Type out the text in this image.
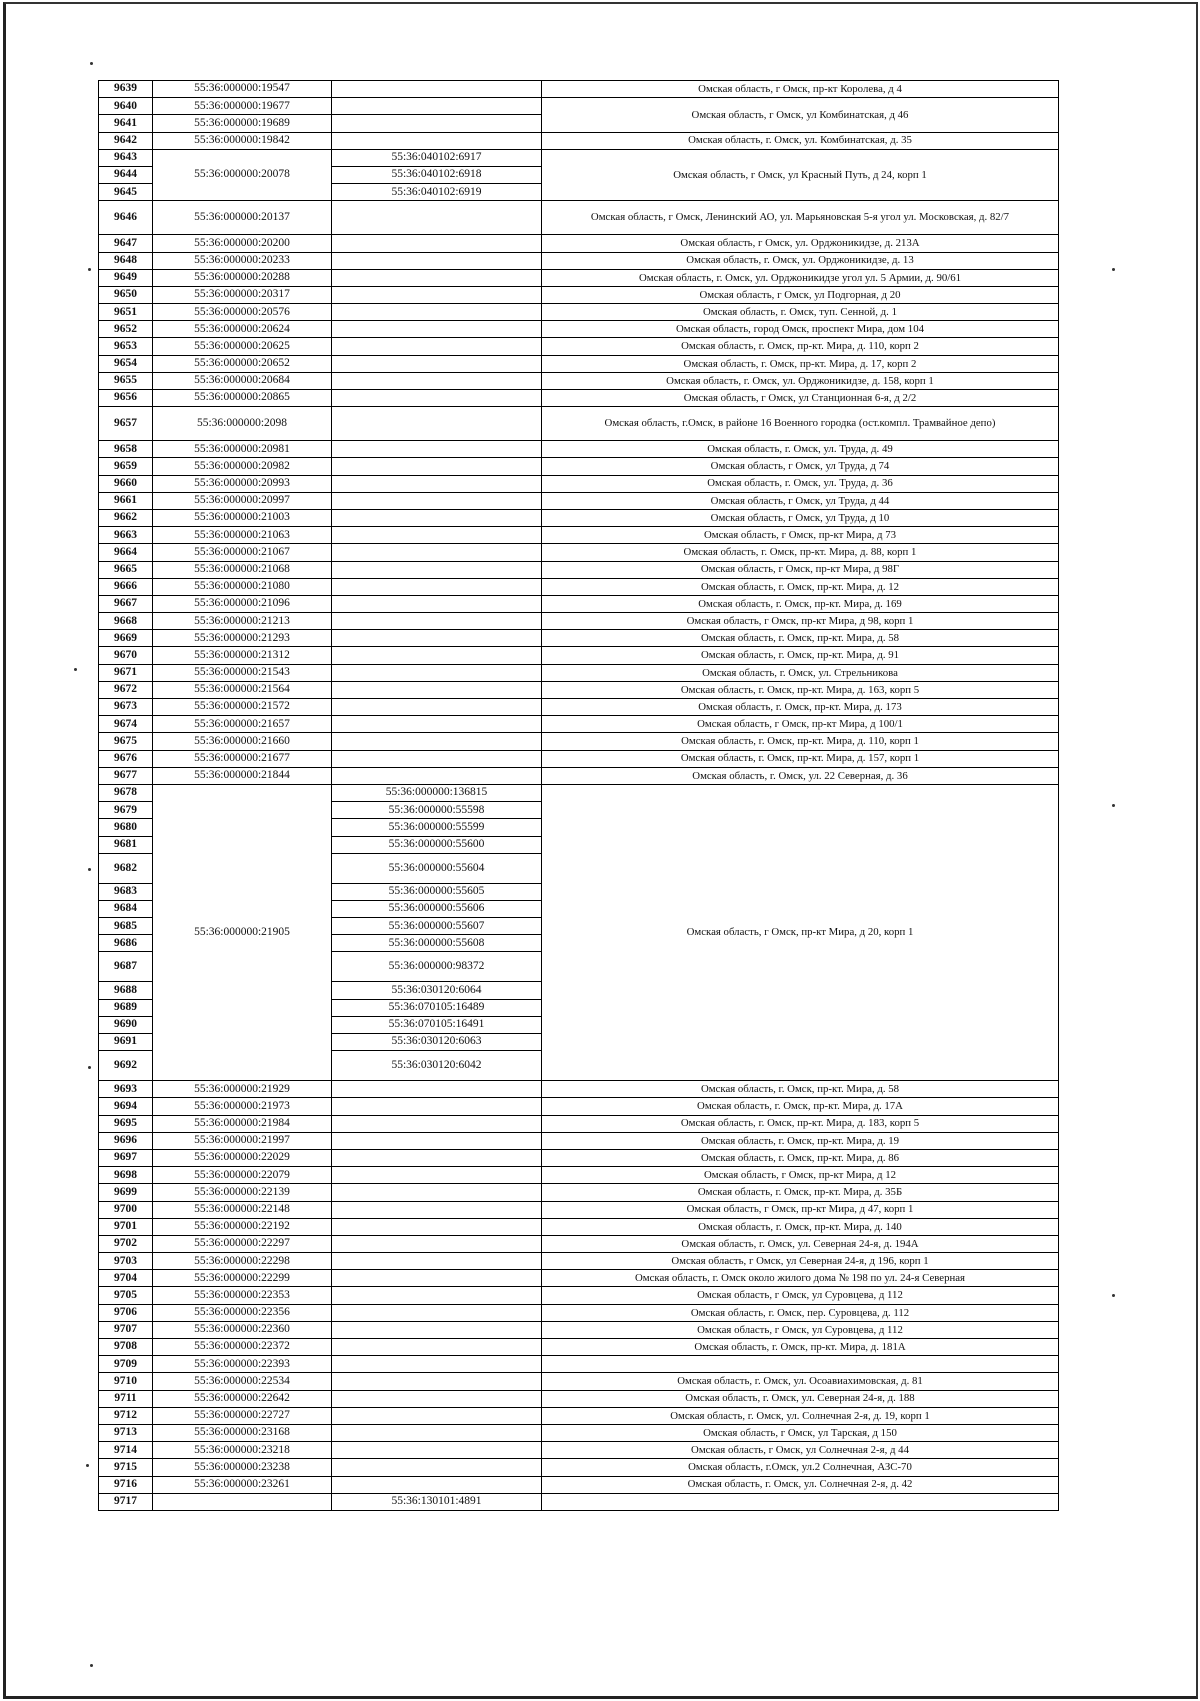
9639	55:36:000000:19547		Омская область, г Омск, пр-кт Королева, д 4
9640	55:36:000000:19677		Омская область, г Омск, ул Комбинатская, д 46
9641	55:36:000000:19689		
9642	55:36:000000:19842		Омская область, г. Омск, ул. Комбинатская, д. 35
9643	55:36:000000:20078	55:36:040102:6917	Омская область, г Омск, ул Красный Путь, д 24, корп 1
9644		55:36:040102:6918	
9645		55:36:040102:6919	
9646	55:36:000000:20137		Омская область, г Омск, Ленинский АО, ул. Марьяновская 5-я угол ул. Московская, д. 82/7
9647	55:36:000000:20200		Омская область, г Омск, ул. Орджоникидзе, д. 213А
9648	55:36:000000:20233		Омская область, г. Омск, ул. Орджоникидзе, д. 13
9649	55:36:000000:20288		Омская область, г. Омск, ул. Орджоникидзе угол ул. 5 Армии, д. 90/61
9650	55:36:000000:20317		Омская область, г Омск, ул Подгорная, д 20
9651	55:36:000000:20576		Омская область, г. Омск, туп. Сенной, д. 1
9652	55:36:000000:20624		Омская область, город Омск, проспект Мира, дом 104
9653	55:36:000000:20625		Омская область, г. Омск, пр-кт. Мира, д. 110, корп 2
9654	55:36:000000:20652		Омская область, г. Омск, пр-кт. Мира, д. 17, корп 2
9655	55:36:000000:20684		Омская область, г. Омск, ул. Орджоникидзе, д. 158, корп 1
9656	55:36:000000:20865		Омская область, г Омск, ул Станционная 6-я, д 2/2
9657	55:36:000000:2098		Омская область, г.Омск, в районе 16 Военного городка (ост.компл. Трамвайное депо)
9658	55:36:000000:20981		Омская область, г. Омск, ул. Труда, д. 49
9659	55:36:000000:20982		Омская область, г Омск, ул Труда, д 74
9660	55:36:000000:20993		Омская область, г. Омск, ул. Труда, д. 36
9661	55:36:000000:20997		Омская область, г Омск, ул Труда, д 44
9662	55:36:000000:21003		Омская область, г Омск, ул Труда, д 10
9663	55:36:000000:21063		Омская область, г Омск, пр-кт Мира, д 73
9664	55:36:000000:21067		Омская область, г. Омск, пр-кт. Мира, д. 88, корп 1
9665	55:36:000000:21068		Омская область, г Омск, пр-кт Мира, д 98Г
9666	55:36:000000:21080		Омская область, г. Омск, пр-кт. Мира, д. 12
9667	55:36:000000:21096		Омская область, г. Омск, пр-кт. Мира, д. 169
9668	55:36:000000:21213		Омская область, г Омск, пр-кт Мира, д 98, корп 1
9669	55:36:000000:21293		Омская область, г. Омск, пр-кт. Мира, д. 58
9670	55:36:000000:21312		Омская область, г. Омск, пр-кт. Мира, д. 91
9671	55:36:000000:21543		Омская область, г. Омск, ул. Стрельникова
9672	55:36:000000:21564		Омская область, г. Омск, пр-кт. Мира, д. 163, корп 5
9673	55:36:000000:21572		Омская область, г. Омск, пр-кт. Мира, д. 173
9674	55:36:000000:21657		Омская область, г Омск, пр-кт Мира, д 100/1
9675	55:36:000000:21660		Омская область, г. Омск, пр-кт. Мира, д. 110, корп 1
9676	55:36:000000:21677		Омская область, г. Омск, пр-кт. Мира, д. 157, корп 1
9677	55:36:000000:21844		Омская область, г. Омск, ул. 22 Северная, д. 36
9678	55:36:000000:21905	55:36:000000:136815	Омская область, г Омск, пр-кт Мира, д 20, корп 1
9679		55:36:000000:55598	
9680		55:36:000000:55599	
9681		55:36:000000:55600	
9682		55:36:000000:55604	
9683		55:36:000000:55605	
9684		55:36:000000:55606	
9685		55:36:000000:55607	
9686		55:36:000000:55608	
9687		55:36:000000:98372	
9688		55:36:030120:6064	
9689		55:36:070105:16489	
9690		55:36:070105:16491	
9691		55:36:030120:6063	
9692		55:36:030120:6042	
9693	55:36:000000:21929		Омская область, г. Омск, пр-кт. Мира, д. 58
9694	55:36:000000:21973		Омская область, г. Омск, пр-кт. Мира, д. 17А
9695	55:36:000000:21984		Омская область, г. Омск, пр-кт. Мира, д. 183, корп 5
9696	55:36:000000:21997		Омская область, г. Омск, пр-кт. Мира, д. 19
9697	55:36:000000:22029		Омская область, г. Омск, пр-кт. Мира, д. 86
9698	55:36:000000:22079		Омская область, г Омск, пр-кт Мира, д 12
9699	55:36:000000:22139		Омская область, г. Омск, пр-кт. Мира, д. 35Б
9700	55:36:000000:22148		Омская область, г Омск, пр-кт Мира, д 47, корп 1
9701	55:36:000000:22192		Омская область, г. Омск, пр-кт. Мира, д. 140
9702	55:36:000000:22297		Омская область, г. Омск, ул. Северная 24-я, д. 194А
9703	55:36:000000:22298		Омская область, г Омск, ул Северная 24-я, д 196, корп 1
9704	55:36:000000:22299		Омская область, г. Омск около жилого дома № 198 по ул. 24-я Северная
9705	55:36:000000:22353		Омская область, г Омск, ул Суровцева, д 112
9706	55:36:000000:22356		Омская область, г. Омск, пер. Суровцева, д. 112
9707	55:36:000000:22360		Омская область, г Омск, ул Суровцева, д 112
9708	55:36:000000:22372		Омская область, г. Омск, пр-кт. Мира, д. 181А
9709	55:36:000000:22393		
9710	55:36:000000:22534		Омская область, г. Омск, ул. Осоавиахимовская, д. 81
9711	55:36:000000:22642		Омская область, г. Омск, ул. Северная 24-я, д. 188
9712	55:36:000000:22727		Омская область, г. Омск, ул. Солнечная 2-я, д. 19, корп 1
9713	55:36:000000:23168		Омская область, г Омск, ул Тарская, д 150
9714	55:36:000000:23218		Омская область, г Омск, ул Солнечная 2-я, д 44
9715	55:36:000000:23238		Омская область, г.Омск, ул.2 Солнечная, АЗС-70
9716	55:36:000000:23261		Омская область, г. Омск, ул. Солнечная 2-я, д. 42
9717		55:36:130101:4891	
